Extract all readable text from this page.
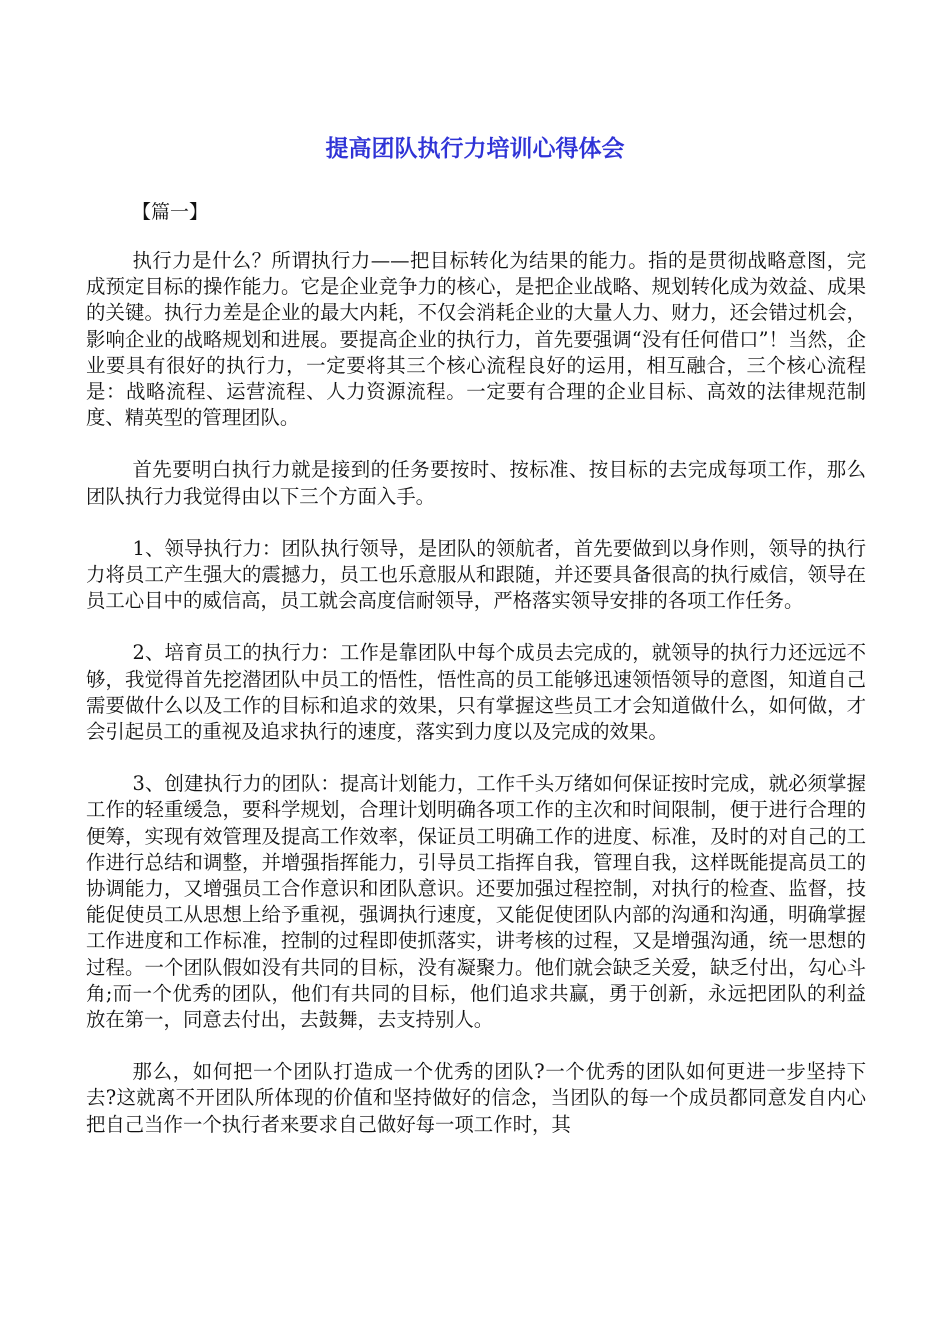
提高团队执行力培训心得体会
【篇一】

执行力是什么？所谓执行力——把目标转化为结果的能力。指的是贯彻战略意图，完成预定目标的操作能力。它是企业竞争力的核心，是把企业战略、规划转化成为效益、成果的关键。执行力差是企业的最大内耗，不仅会消耗企业的大量人力、财力，还会错过机会，影响企业的战略规划和进展。要提高企业的执行力，首先要强调“没有任何借口”！当然，企业要具有很好的执行力，一定要将其三个核心流程良好的运用，相互融合，三个核心流程是：战略流程、运营流程、人力资源流程。一定要有合理的企业目标、高效的法律规范制度、精英型的管理团队。

首先要明白执行力就是接到的任务要按时、按标准、按目标的去完成每项工作，那么团队执行力我觉得由以下三个方面入手。

1、领导执行力：团队执行领导，是团队的领航者，首先要做到以身作则，领导的执行力将员工产生强大的震撼力，员工也乐意服从和跟随，并还要具备很高的执行威信，领导在员工心目中的威信高，员工就会高度信耐领导，严格落实领导安排的各项工作任务。

2、培育员工的执行力：工作是靠团队中每个成员去完成的，就领导的执行力还远远不够，我觉得首先挖潜团队中员工的悟性，悟性高的员工能够迅速领悟领导的意图，知道自己需要做什么以及工作的目标和追求的效果，只有掌握这些员工才会知道做什么，如何做，才会引起员工的重视及追求执行的速度，落实到力度以及完成的效果。

3、创建执行力的团队：提高计划能力，工作千头万绪如何保证按时完成，就必须掌握工作的轻重缓急，要科学规划，合理计划明确各项工作的主次和时间限制，便于进行合理的便筹，实现有效管理及提高工作效率，保证员工明确工作的进度、标准，及时的对自己的工作进行总结和调整，并增强指挥能力，引导员工指挥自我，管理自我，这样既能提高员工的协调能力，又增强员工合作意识和团队意识。还要加强过程控制，对执行的检查、监督，技能促使员工从思想上给予重视，强调执行速度，又能促使团队内部的沟通和沟通，明确掌握工作进度和工作标准，控制的过程即使抓落实，讲考核的过程，又是增强沟通，统一思想的过程。一个团队假如没有共同的目标，没有凝聚力。他们就会缺乏关爱，缺乏付出，勾心斗角;而一个优秀的团队，他们有共同的目标，他们追求共赢，勇于创新，永远把团队的利益放在第一，同意去付出，去鼓舞，去支持别人。

那么，如何把一个团队打造成一个优秀的团队?一个优秀的团队如何更进一步坚持下去?这就离不开团队所体现的价值和坚持做好的信念，当团队的每一个成员都同意发自内心把自己当作一个执行者来要求自己做好每一项工作时，其
